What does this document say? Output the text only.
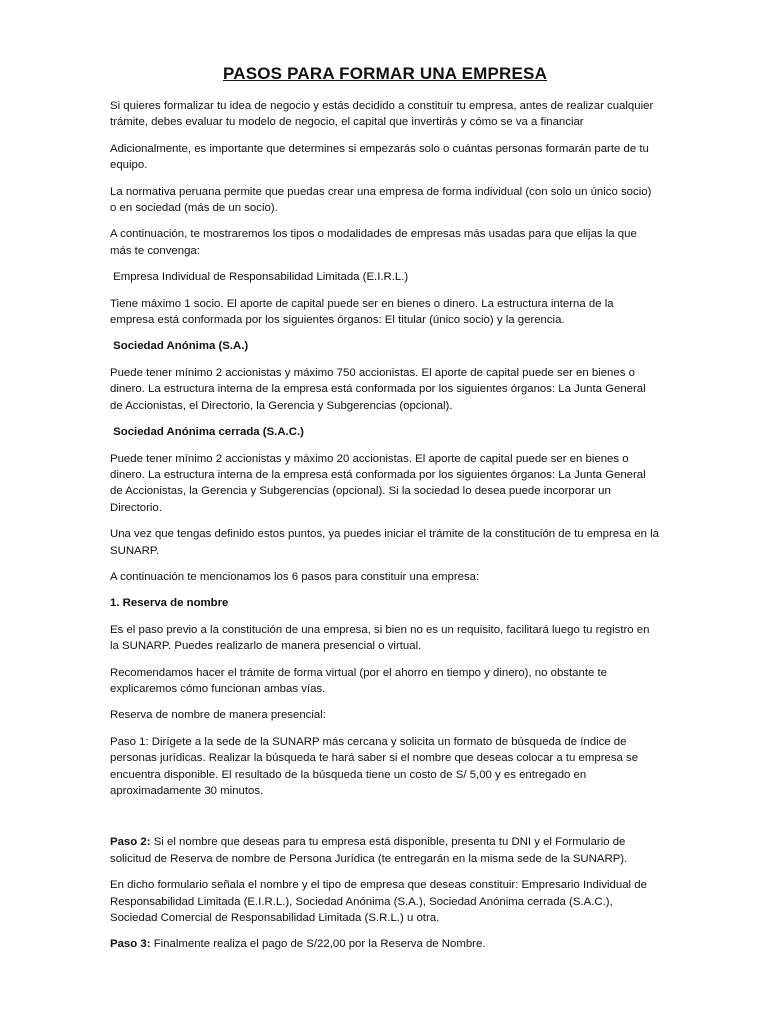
PASOS PARA FORMAR UNA EMPRESA

Si quieres formalizar tu idea de negocio y estás decidido a constituir tu empresa, antes de realizar cualquier trámite, debes evaluar tu modelo de negocio, el capital que invertirás y cómo se va a financiar

Adicionalmente, es importante que determines si empezarás solo o cuántas personas formarán parte de tu equipo.

La normativa peruana permite que puedas crear una empresa de forma individual (con solo un único socio) o en sociedad (más de un socio).

A continuación, te mostraremos los tipos o modalidades de empresas más usadas para que elijas la que más te convenga:

Empresa Individual de Responsabilidad Limitada (E.I.R.L.)

Tiene máximo 1 socio. El aporte de capital puede ser en bienes o dinero. La estructura interna de la empresa está conformada por los siguientes órganos: El titular (único socio) y la gerencia.

Sociedad Anónima (S.A.)

Puede tener mínimo 2 accionistas y máximo 750 accionistas. El aporte de capital puede ser en bienes o dinero. La estructura interna de la empresa está conformada por los siguientes órganos: La Junta General de Accionistas, el Directorio, la Gerencia y Subgerencias (opcional).

Sociedad Anónima cerrada (S.A.C.)

Puede tener mínimo 2 accionistas y máximo 20 accionistas. El aporte de capital puede ser en bienes o dinero. La estructura interna de la empresa está conformada por los siguientes órganos: La Junta General de Accionistas, la Gerencia y Subgerencias (opcional). Si la sociedad lo desea puede incorporar un Directorio.

Una vez que tengas definido estos puntos, ya puedes iniciar el trámite de la constitución de tu empresa en la SUNARP.

A continuación te mencionamos los 6 pasos para constituir una empresa:

1. Reserva de nombre

Es el paso previo a la constitución de una empresa, si bien no es un requisito, facilitará luego tu registro en la SUNARP. Puedes realizarlo de manera presencial o virtual.

Recomendamos hacer el trámite de forma virtual (por el ahorro en tiempo y dinero), no obstante te explicaremos cómo funcionan ambas vías.

Reserva de nombre de manera presencial:

Paso 1: Dirígete a la sede de la SUNARP más cercana y solicita un formato de búsqueda de índice de personas jurídicas. Realizar la búsqueda te hará saber si el nombre que deseas colocar a tu empresa se encuentra disponible. El resultado de la búsqueda tiene un costo de S/ 5,00 y es entregado en aproximadamente 30 minutos.

Paso 2: Si el nombre que deseas para tu empresa está disponible, presenta tu DNI y el Formulario de solicitud de Reserva de nombre de Persona Jurídica (te entregarán en la misma sede de la SUNARP).

En dicho formulario señala el nombre y el tipo de empresa que deseas constituir: Empresario Individual de Responsabilidad Limitada (E.I.R.L.), Sociedad Anónima (S.A.), Sociedad Anónima cerrada (S.A.C.), Sociedad Comercial de Responsabilidad Limitada (S.R.L.) u otra.

Paso 3: Finalmente realiza el pago de S/22,00 por la Reserva de Nombre.
